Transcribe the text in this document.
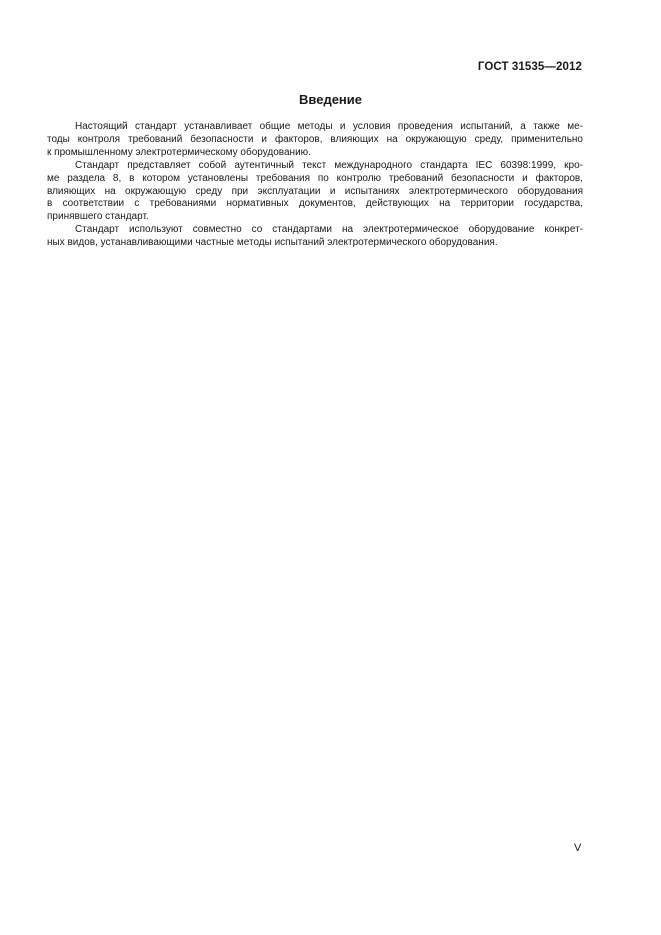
ГОСТ 31535—2012
Введение
Настоящий стандарт устанавливает общие методы и условия проведения испытаний, а также ме-
тоды контроля требований безопасности и факторов, влияющих на окружающую среду, применительно
к промышленному электротермическому оборудованию.
Стандарт представляет собой аутентичный текст международного стандарта IEC 60398:1999, кро-
ме раздела 8, в котором установлены требования по контролю требований безопасности и факторов,
влияющих на окружающую среду при эксплуатации и испытаниях электротермического оборудования
в соответствии с требованиями нормативных документов, действующих на территории государства,
принявшего стандарт.
Стандарт используют совместно со стандартами на электротермическое оборудование конкрет-
ных видов, устанавливающими частные методы испытаний электротермического оборудования.
V
